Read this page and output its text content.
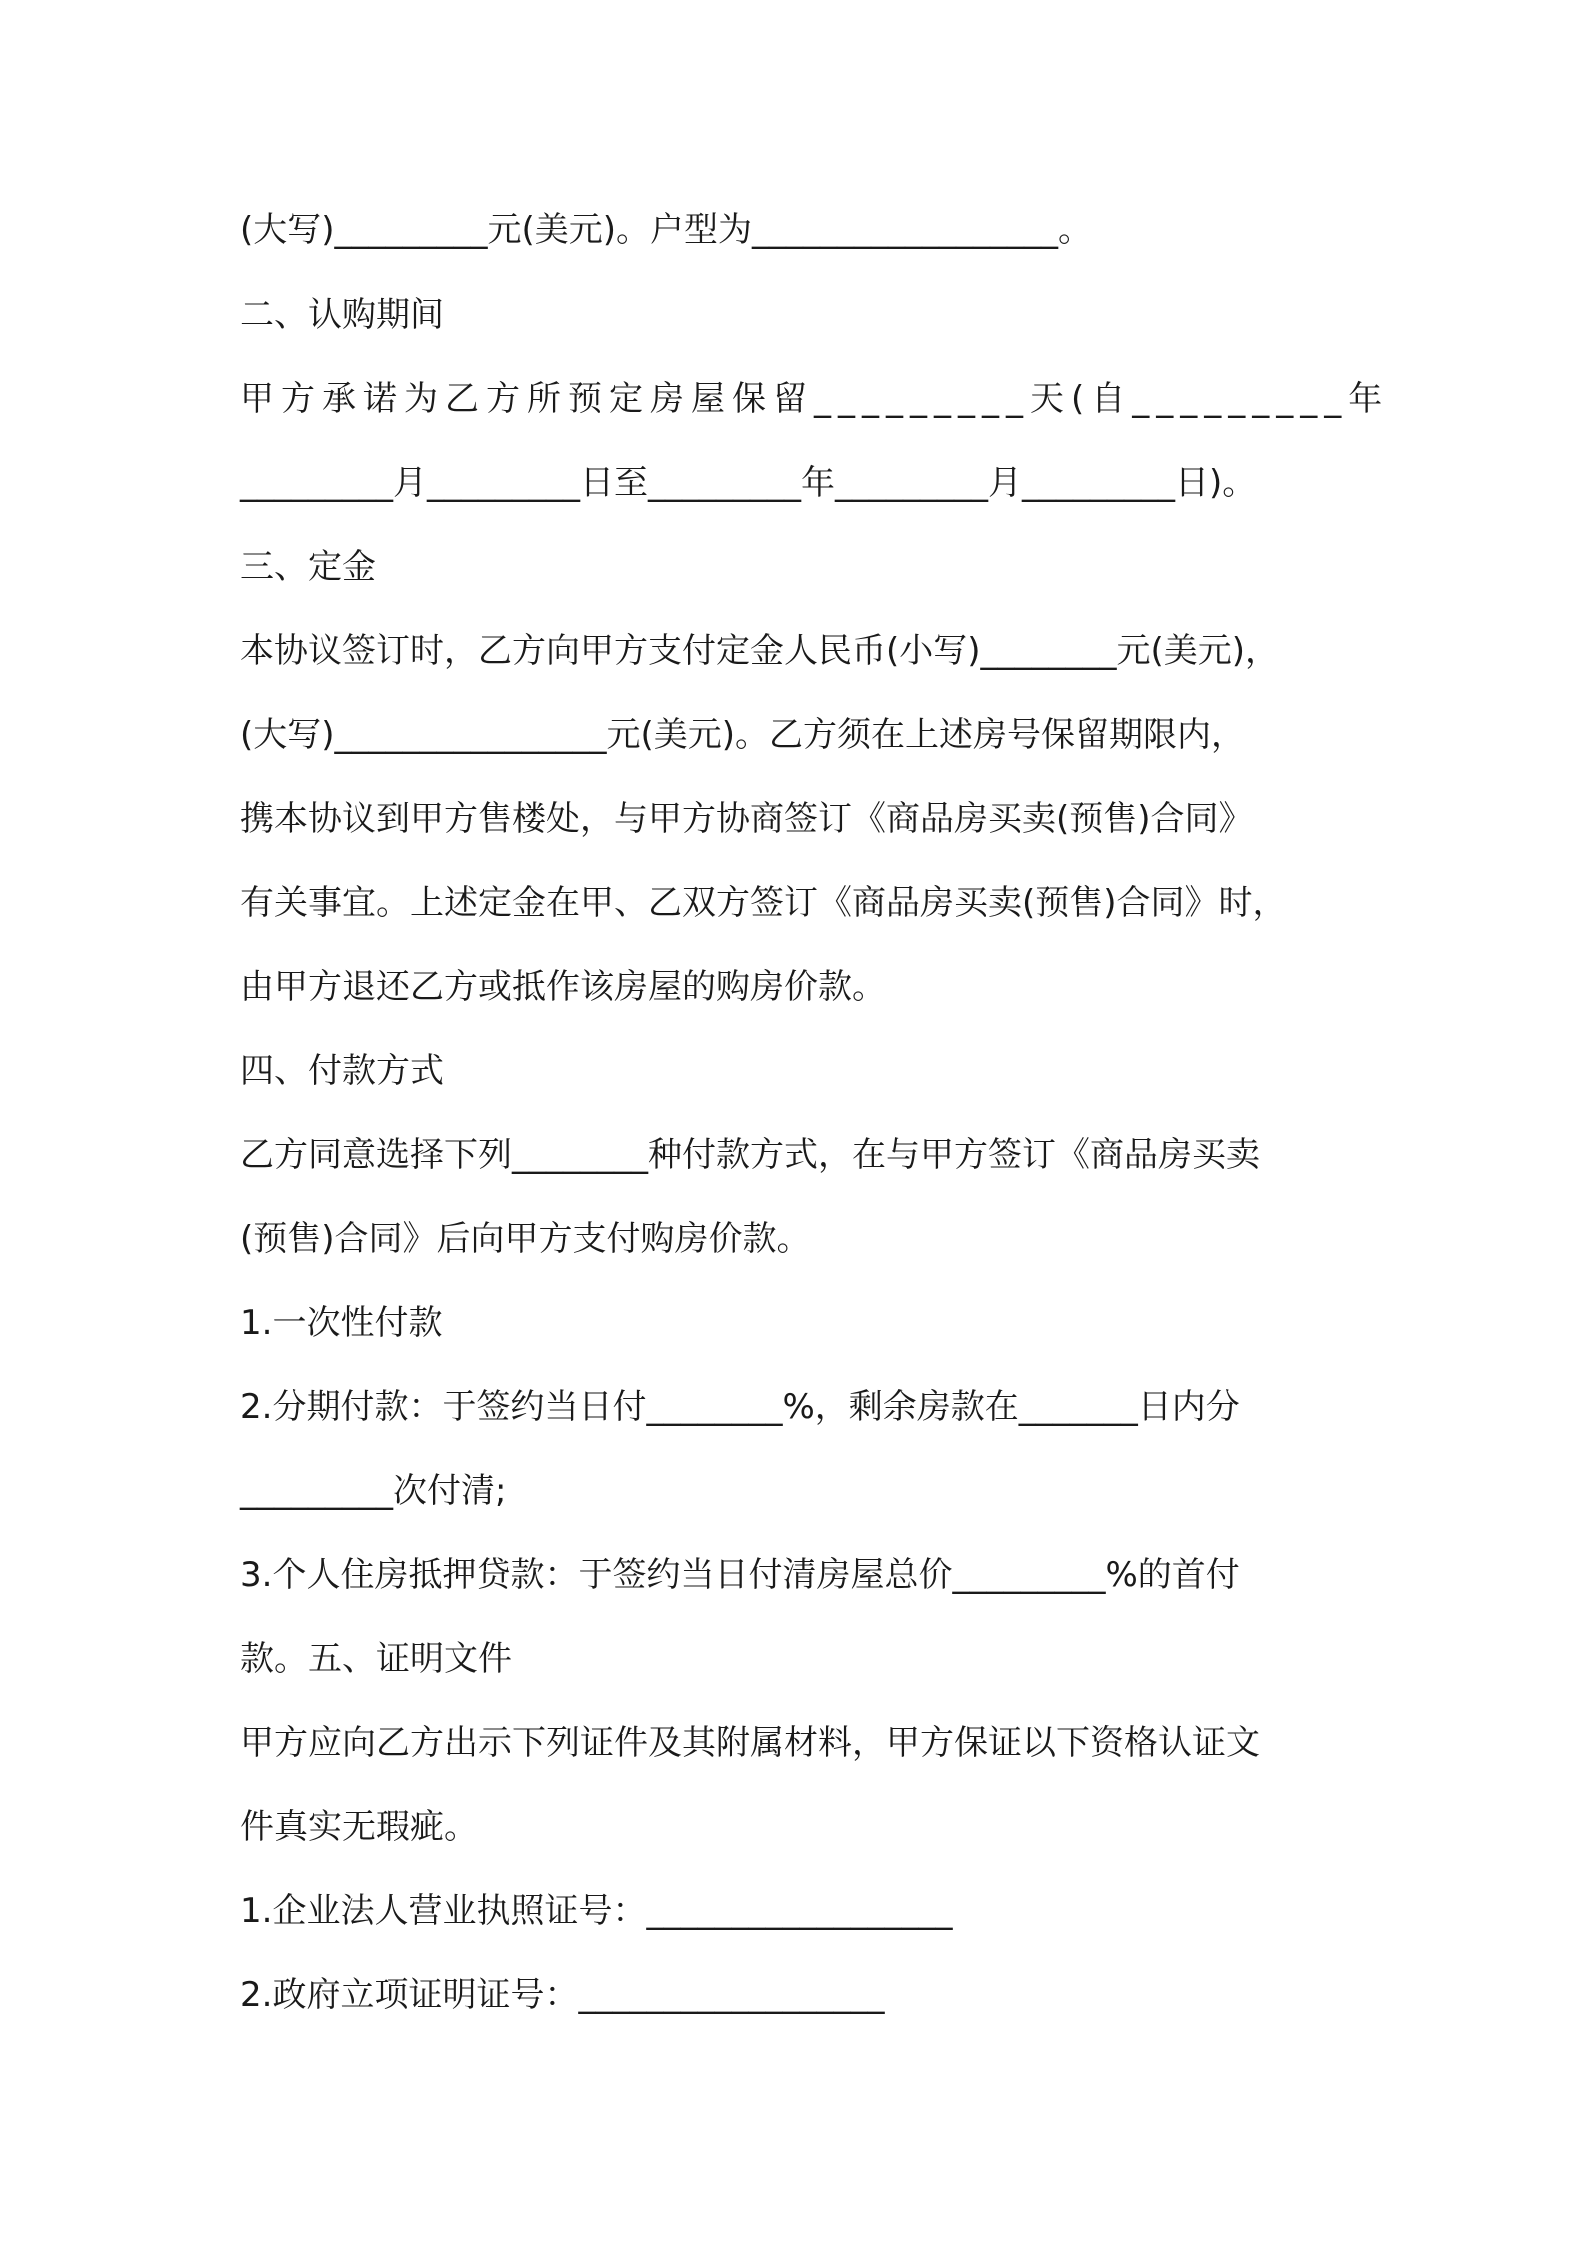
(大写)_________元(美元)。户型为__________________。
二、认购期间
甲方承诺为乙方所预定房屋保留_________天(自_________年
_________月_________日至_________年_________月_________日)。
三、定金
本协议签订时，乙方向甲方支付定金人民币(小写)________元(美元)，
(大写)________________元(美元)。乙方须在上述房号保留期限内，
携本协议到甲方售楼处，与甲方协商签订《商品房买卖(预售)合同》
有关事宜。上述定金在甲、乙双方签订《商品房买卖(预售)合同》时，
由甲方退还乙方或抵作该房屋的购房价款。
四、付款方式
乙方同意选择下列________种付款方式，在与甲方签订《商品房买卖
(预售)合同》后向甲方支付购房价款。
1.一次性付款
2.分期付款：于签约当日付________%，剩余房款在_______日内分
_________次付清;
3.个人住房抵押贷款：于签约当日付清房屋总价_________%的首付
款。五、证明文件
甲方应向乙方出示下列证件及其附属材料，甲方保证以下资格认证文
件真实无瑕疵。
1.企业法人营业执照证号：__________________
2.政府立项证明证号：__________________
